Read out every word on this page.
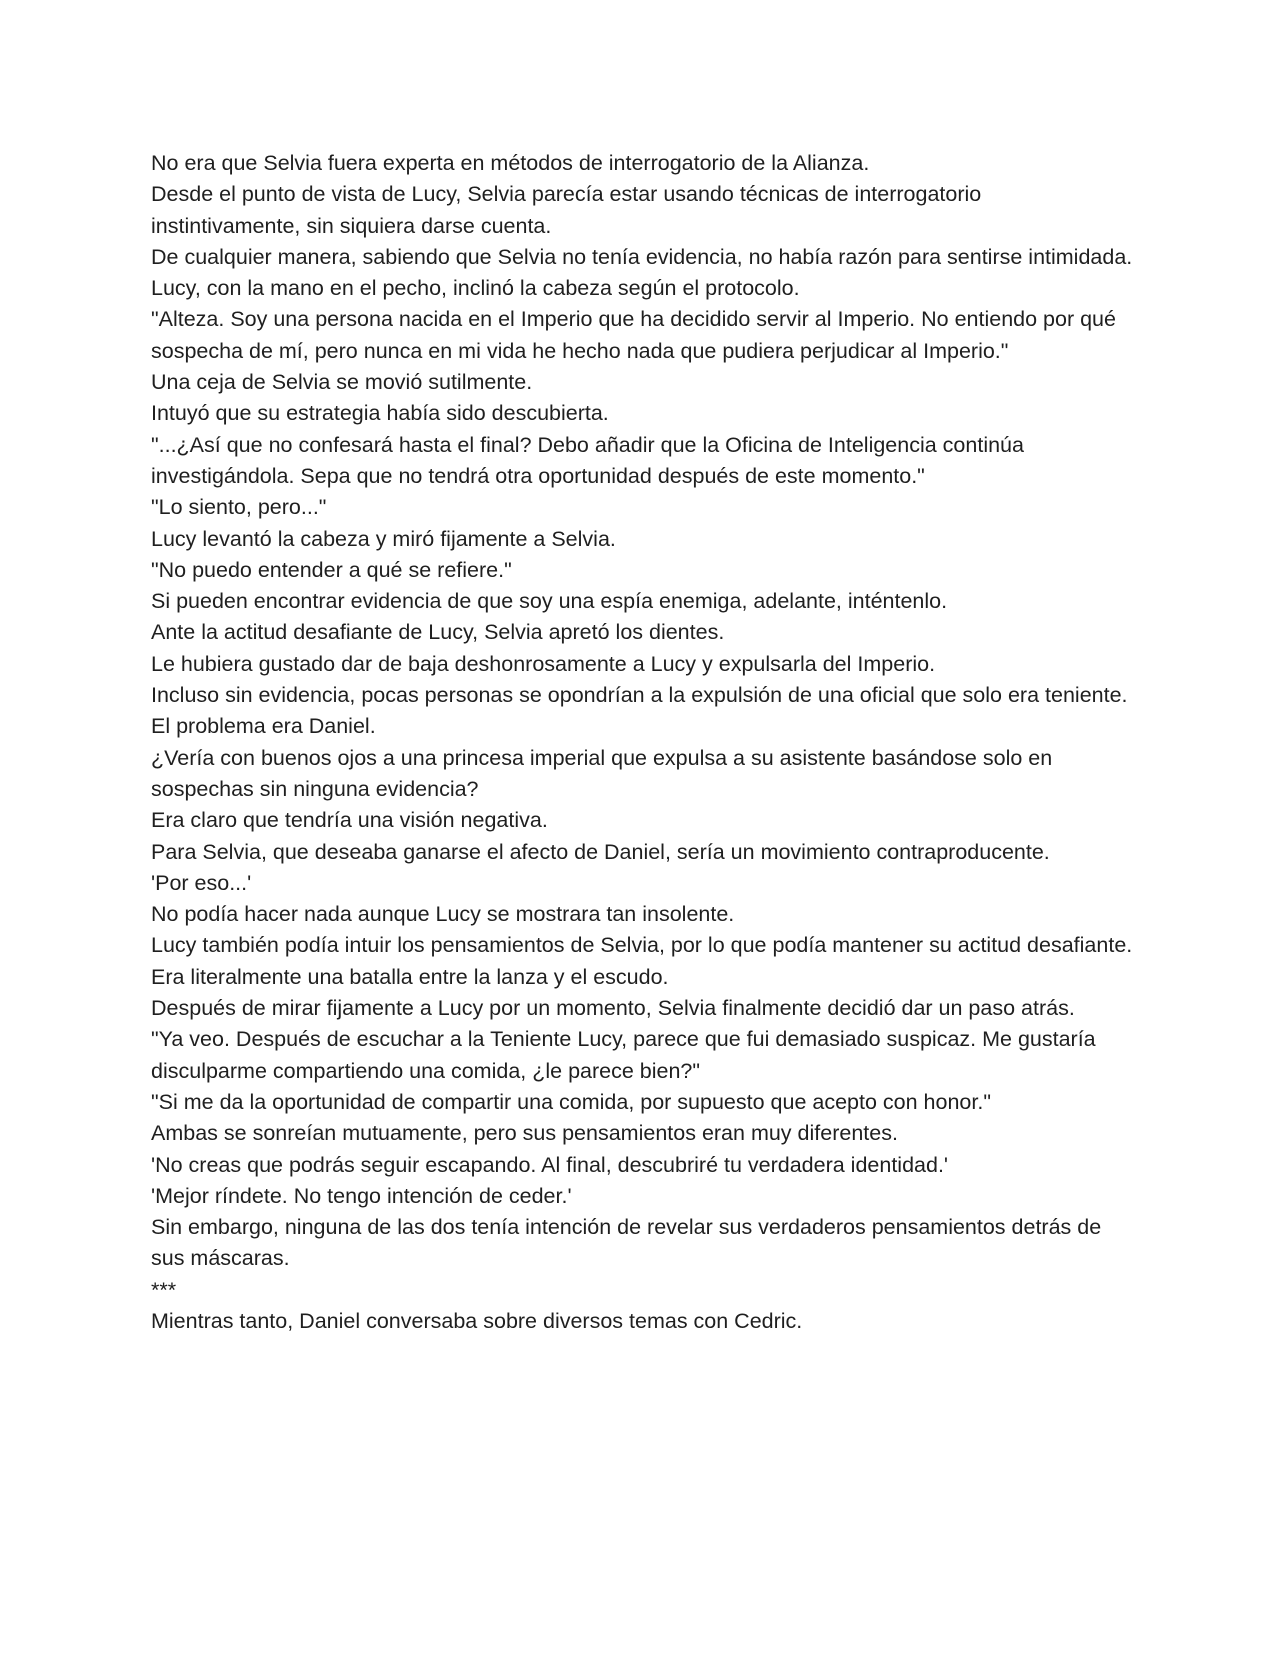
No era que Selvia fuera experta en métodos de interrogatorio de la Alianza.

Desde el punto de vista de Lucy, Selvia parecía estar usando técnicas de interrogatorio instintivamente, sin siquiera darse cuenta.

De cualquier manera, sabiendo que Selvia no tenía evidencia, no había razón para sentirse intimidada.

Lucy, con la mano en el pecho, inclinó la cabeza según el protocolo.

"Alteza. Soy una persona nacida en el Imperio que ha decidido servir al Imperio. No entiendo por qué sospecha de mí, pero nunca en mi vida he hecho nada que pudiera perjudicar al Imperio."

Una ceja de Selvia se movió sutilmente.

Intuyó que su estrategia había sido descubierta.

"...¿Así que no confesará hasta el final? Debo añadir que la Oficina de Inteligencia continúa investigándola. Sepa que no tendrá otra oportunidad después de este momento."

"Lo siento, pero..."

Lucy levantó la cabeza y miró fijamente a Selvia.

"No puedo entender a qué se refiere."

Si pueden encontrar evidencia de que soy una espía enemiga, adelante, inténtenlo.

Ante la actitud desafiante de Lucy, Selvia apretó los dientes.

Le hubiera gustado dar de baja deshonrosamente a Lucy y expulsarla del Imperio.

Incluso sin evidencia, pocas personas se opondrían a la expulsión de una oficial que solo era teniente.

El problema era Daniel.

¿Vería con buenos ojos a una princesa imperial que expulsa a su asistente basándose solo en sospechas sin ninguna evidencia?

Era claro que tendría una visión negativa.

Para Selvia, que deseaba ganarse el afecto de Daniel, sería un movimiento contraproducente.

'Por eso...'

No podía hacer nada aunque Lucy se mostrara tan insolente.

Lucy también podía intuir los pensamientos de Selvia, por lo que podía mantener su actitud desafiante.

Era literalmente una batalla entre la lanza y el escudo.

Después de mirar fijamente a Lucy por un momento, Selvia finalmente decidió dar un paso atrás.

"Ya veo. Después de escuchar a la Teniente Lucy, parece que fui demasiado suspicaz. Me gustaría disculparme compartiendo una comida, ¿le parece bien?"

"Si me da la oportunidad de compartir una comida, por supuesto que acepto con honor."

Ambas se sonreían mutuamente, pero sus pensamientos eran muy diferentes.

'No creas que podrás seguir escapando. Al final, descubriré tu verdadera identidad.'

'Mejor ríndete. No tengo intención de ceder.'

Sin embargo, ninguna de las dos tenía intención de revelar sus verdaderos pensamientos detrás de sus máscaras.

***

Mientras tanto, Daniel conversaba sobre diversos temas con Cedric.
